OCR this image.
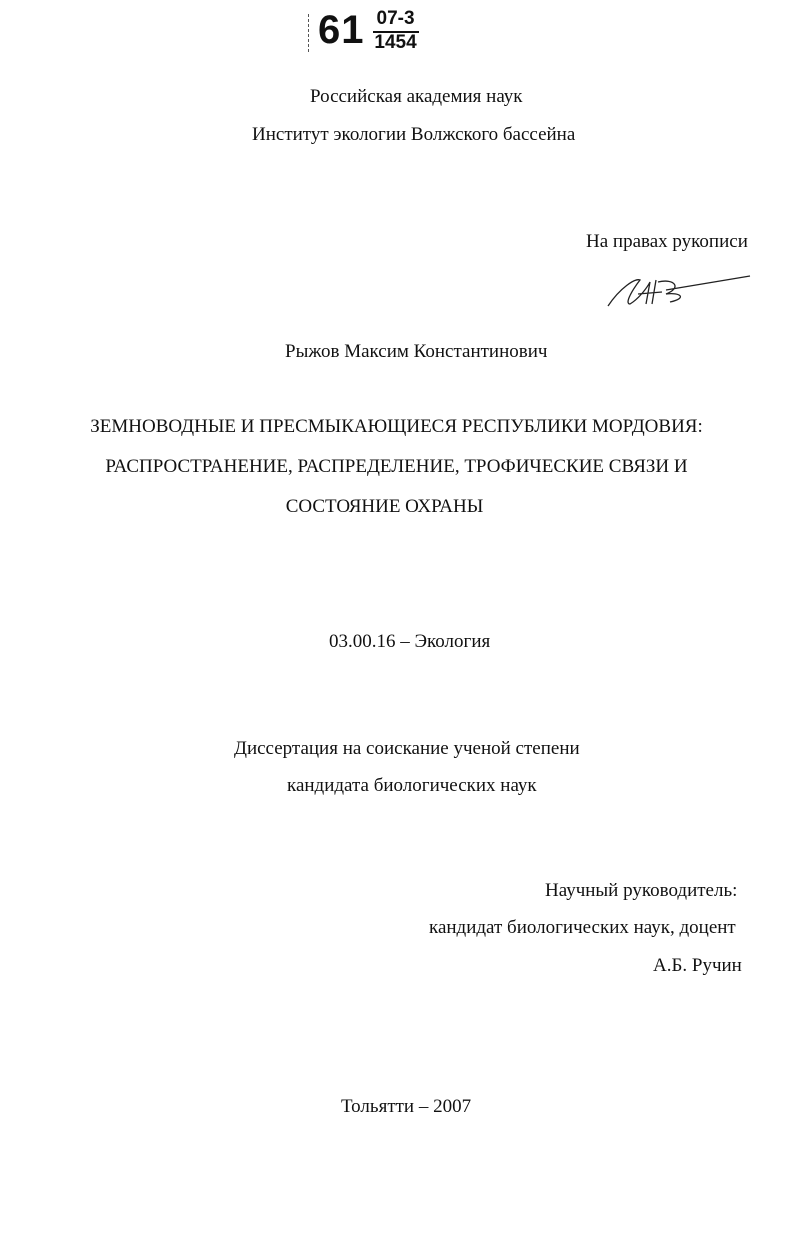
$61 \frac{07-3}{1454}$
Российская академия наук
Институт экологии Волжского бассейна
На правах рукописи
Рыжов Максим Константинович
ЗЕМНОВОДНЫЕ И ПРЕСМЫКАЮЩИЕСЯ РЕСПУБЛИКИ МОРДОВИЯ:
РАСПРОСТРАНЕНИЕ, РАСПРЕДЕЛЕНИЕ, ТРОФИЧЕСКИЕ СВЯЗИ И
СОСТОЯНИЕ ОХРАНЫ
03.00.16 – Экология
Диссертация на соискание ученой степени
кандидата биологических наук
Научный руководитель:
кандидат биологических наук, доцент
А.Б. Ручин
Тольятти – 2007
